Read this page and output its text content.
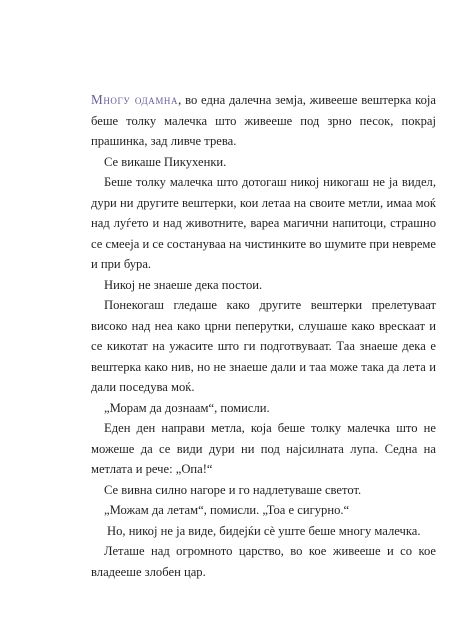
Многу одамна, во една далечна земја, живееше вештерка која беше толку малечка што живееше под зрно песок, покрај прашинка, зад ливче трева.

Се викаше Пикухенки.

Беше толку малечка што дотогаш никој никогаш не ја видел, дури ни другите вештерки, кои летаа на своите метли, имаа моќ над луѓето и над животните, вареа магични напитоци, страшно се смееја и се состануваа на чистинките во шумите при невреме и при бура.

Никој не знаеше дека постои.

Понекогаш гледаше како другите вештерки прелетуваат високо над неа како црни пеперутки, слушаше како врескаат и се кикотат на ужасите што ги подготвуваат. Таа знаеше дека е вештерка како нив, но не знаеше дали и таа може така да лета и дали поседува моќ.

„Морам да дознаам“, помисли.

Еден ден направи метла, која беше толку малечка што не можеше да се види дури ни под најсилната лупа. Седна на метлата и рече: „Опа!“

Се вивна силно нагоре и го надлетуваше светот.

„Можам да летам“, помисли. „Тоа е сигурно.“

Но, никој не ја виде, бидејќи сè уште беше многу малечка.

Леташе над огромното царство, во кое живееше и со кое владееше злобен цар.
